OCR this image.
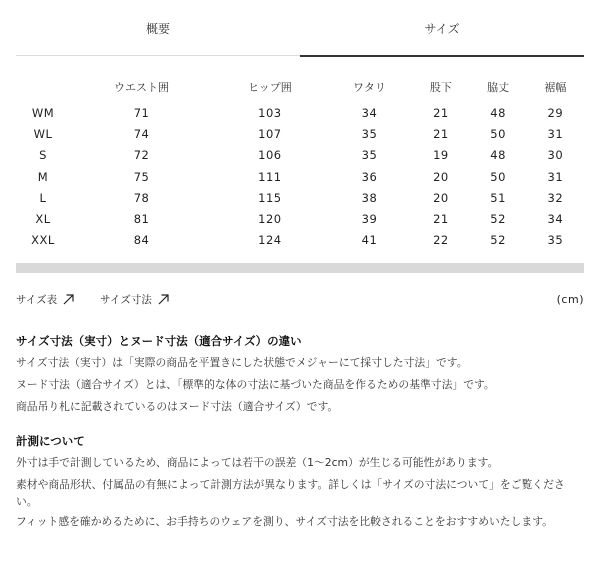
概要	サイズ
	ウエスト囲	ヒップ囲	ワタリ	股下	脇丈	裾幅
WM	71	103	34	21	48	29
WL	74	107	35	21	50	31
S	72	106	35	19	48	30
M	75	111	36	20	50	31
L	78	115	38	20	51	32
XL	81	120	39	21	52	34
XXL	84	124	41	22	52	35
サイズ表	サイズ寸法	(cm)
サイズ寸法（実寸）とヌード寸法（適合サイズ）の違い

サイズ寸法（実寸）は「実際の商品を平置きにした状態でメジャーにて採寸した寸法」です。

ヌード寸法（適合サイズ）とは、「標準的な体の寸法に基づいた商品を作るための基準寸法」です。

商品吊り札に記載されているのはヌード寸法（適合サイズ）です。

計測について

外寸は手で計測しているため、商品によっては若干の誤差（1〜2cm）が生じる可能性があります。

素材や商品形状、付属品の有無によって計測方法が異なります。詳しくは「サイズの寸法について」をご覧ください。

フィット感を確かめるために、お手持ちのウェアを測り、サイズ寸法を比較されることをおすすめいたします。
